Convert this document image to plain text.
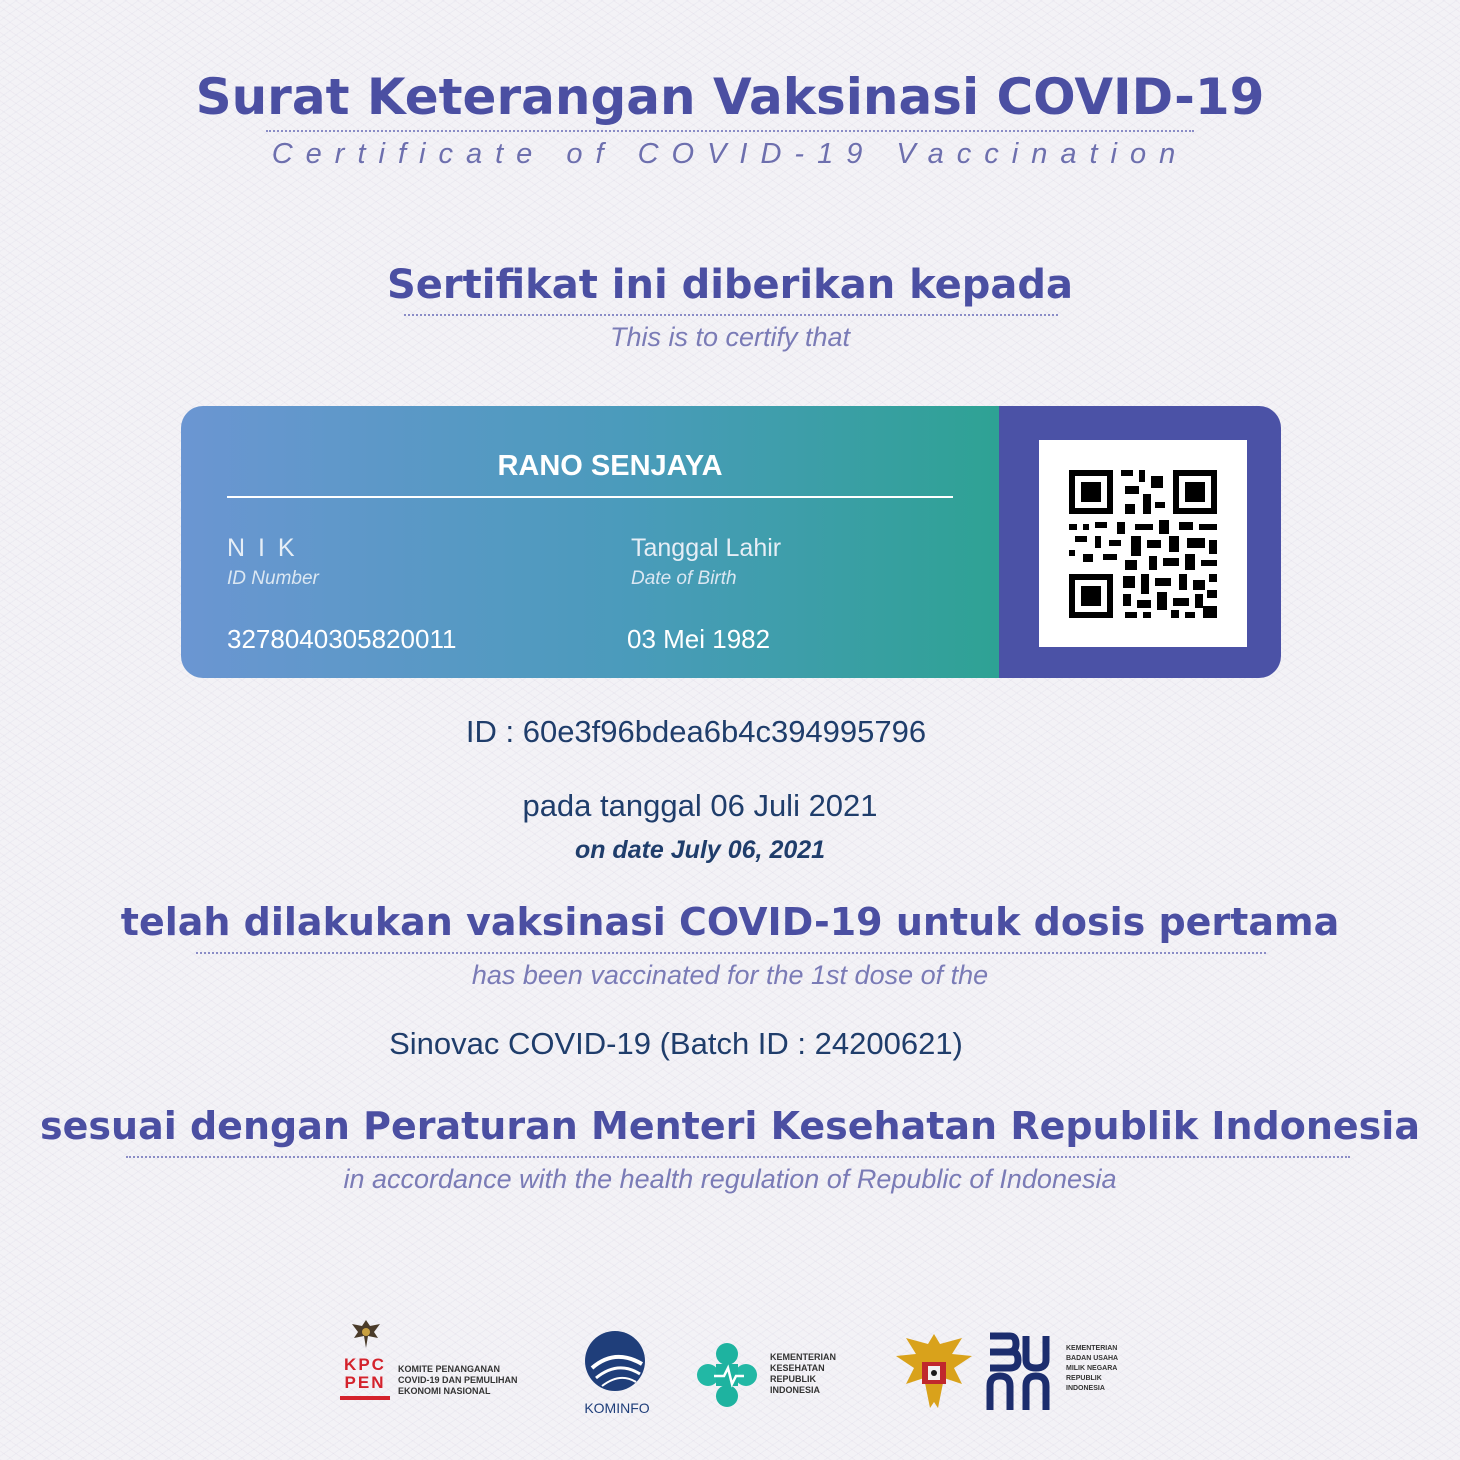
Surat Keterangan Vaksinasi COVID-19
Certificate of COVID-19 Vaccination
Sertifikat ini diberikan kepada
This is to certify that
RANO SENJAYA
N I K
ID Number
3278040305820011
Tanggal Lahir
Date of Birth
03 Mei 1982
ID : 60e3f96bdea6b4c394995796
pada tanggal 06 Juli 2021
on date July 06, 2021
telah dilakukan vaksinasi COVID-19 untuk dosis pertama
has been vaccinated for the 1st dose of the
Sinovac COVID-19 (Batch ID : 24200621)
sesuai dengan Peraturan Menteri Kesehatan Republik Indonesia
in accordance with the health regulation of Republic of Indonesia
KPC
PEN
KOMITE PENANGANAN
COVID-19 DAN PEMULIHAN
EKONOMI NASIONAL
KOMINFO
KEMENTERIAN
KESEHATAN
REPUBLIK
INDONESIA
KEMENTERIAN
BADAN USAHA
MILIK NEGARA
REPUBLIK
INDONESIA
